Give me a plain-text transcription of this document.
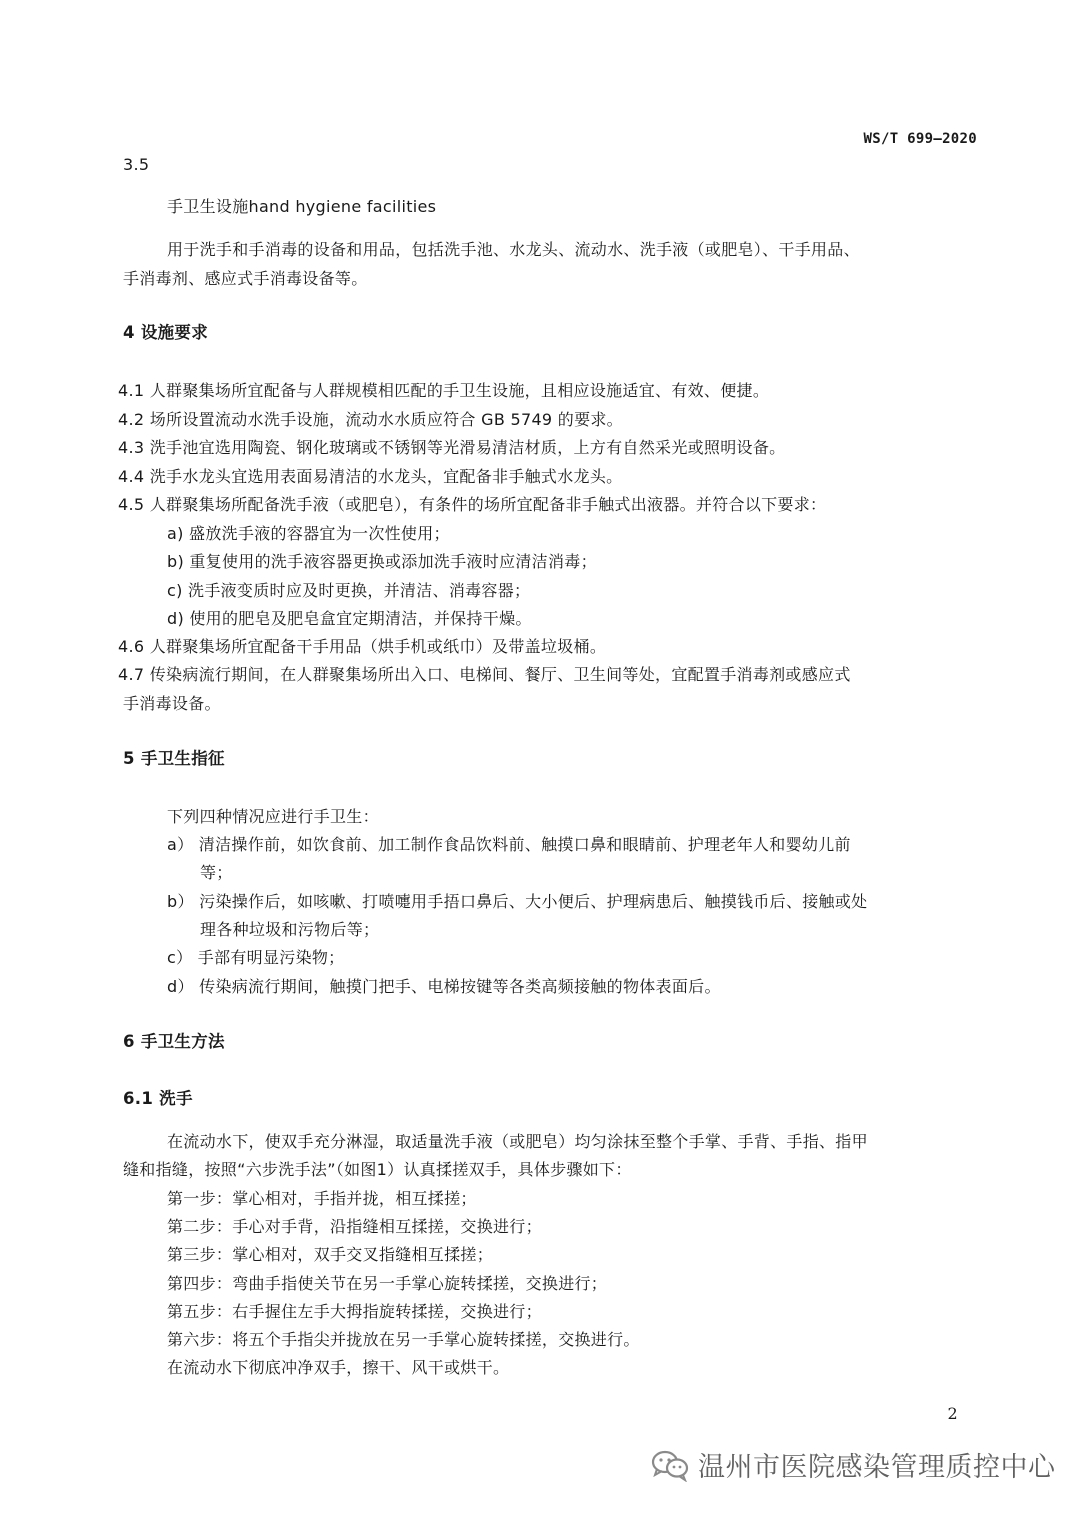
WS/T 699—2020
3.5
手卫生设施hand hygiene facilities
用于洗手和手消毒的设备和用品，包括洗手池、水龙头、流动水、洗手液（或肥皂）、干手用品、
手消毒剂、感应式手消毒设备等。
4 设施要求
4.1 人群聚集场所宜配备与人群规模相匹配的手卫生设施，且相应设施适宜、有效、便捷。
4.2 场所设置流动水洗手设施，流动水水质应符合 GB 5749 的要求。
4.3 洗手池宜选用陶瓷、钢化玻璃或不锈钢等光滑易清洁材质，上方有自然采光或照明设备。
4.4 洗手水龙头宜选用表面易清洁的水龙头，宜配备非手触式水龙头。
4.5 人群聚集场所配备洗手液（或肥皂），有条件的场所宜配备非手触式出液器。并符合以下要求：
a) 盛放洗手液的容器宜为一次性使用；
b) 重复使用的洗手液容器更换或添加洗手液时应清洁消毒；
c) 洗手液变质时应及时更换，并清洁、消毒容器；
d) 使用的肥皂及肥皂盒宜定期清洁，并保持干燥。
4.6 人群聚集场所宜配备干手用品（烘手机或纸巾）及带盖垃圾桶。
4.7 传染病流行期间，在人群聚集场所出入口、电梯间、餐厅、卫生间等处，宜配置手消毒剂或感应式
手消毒设备。
5 手卫生指征
下列四种情况应进行手卫生：
a） 清洁操作前，如饮食前、加工制作食品饮料前、触摸口鼻和眼睛前、护理老年人和婴幼儿前
等；
b） 污染操作后，如咳嗽、打喷嚏用手捂口鼻后、大小便后、护理病患后、触摸钱币后、接触或处
理各种垃圾和污物后等；
c） 手部有明显污染物；
d） 传染病流行期间，触摸门把手、电梯按键等各类高频接触的物体表面后。
6 手卫生方法
6.1 洗手
在流动水下，使双手充分淋湿，取适量洗手液（或肥皂）均匀涂抹至整个手掌、手背、手指、指甲
缝和指缝，按照“六步洗手法”（如图1）认真揉搓双手，具体步骤如下：
第一步：掌心相对，手指并拢，相互揉搓；
第二步：手心对手背，沿指缝相互揉搓，交换进行；
第三步：掌心相对，双手交叉指缝相互揉搓；
第四步：弯曲手指使关节在另一手掌心旋转揉搓，交换进行；
第五步：右手握住左手大拇指旋转揉搓，交换进行；
第六步：将五个手指尖并拢放在另一手掌心旋转揉搓，交换进行。
在流动水下彻底冲净双手，擦干、风干或烘干。
2
温州市医院感染管理质控中心
